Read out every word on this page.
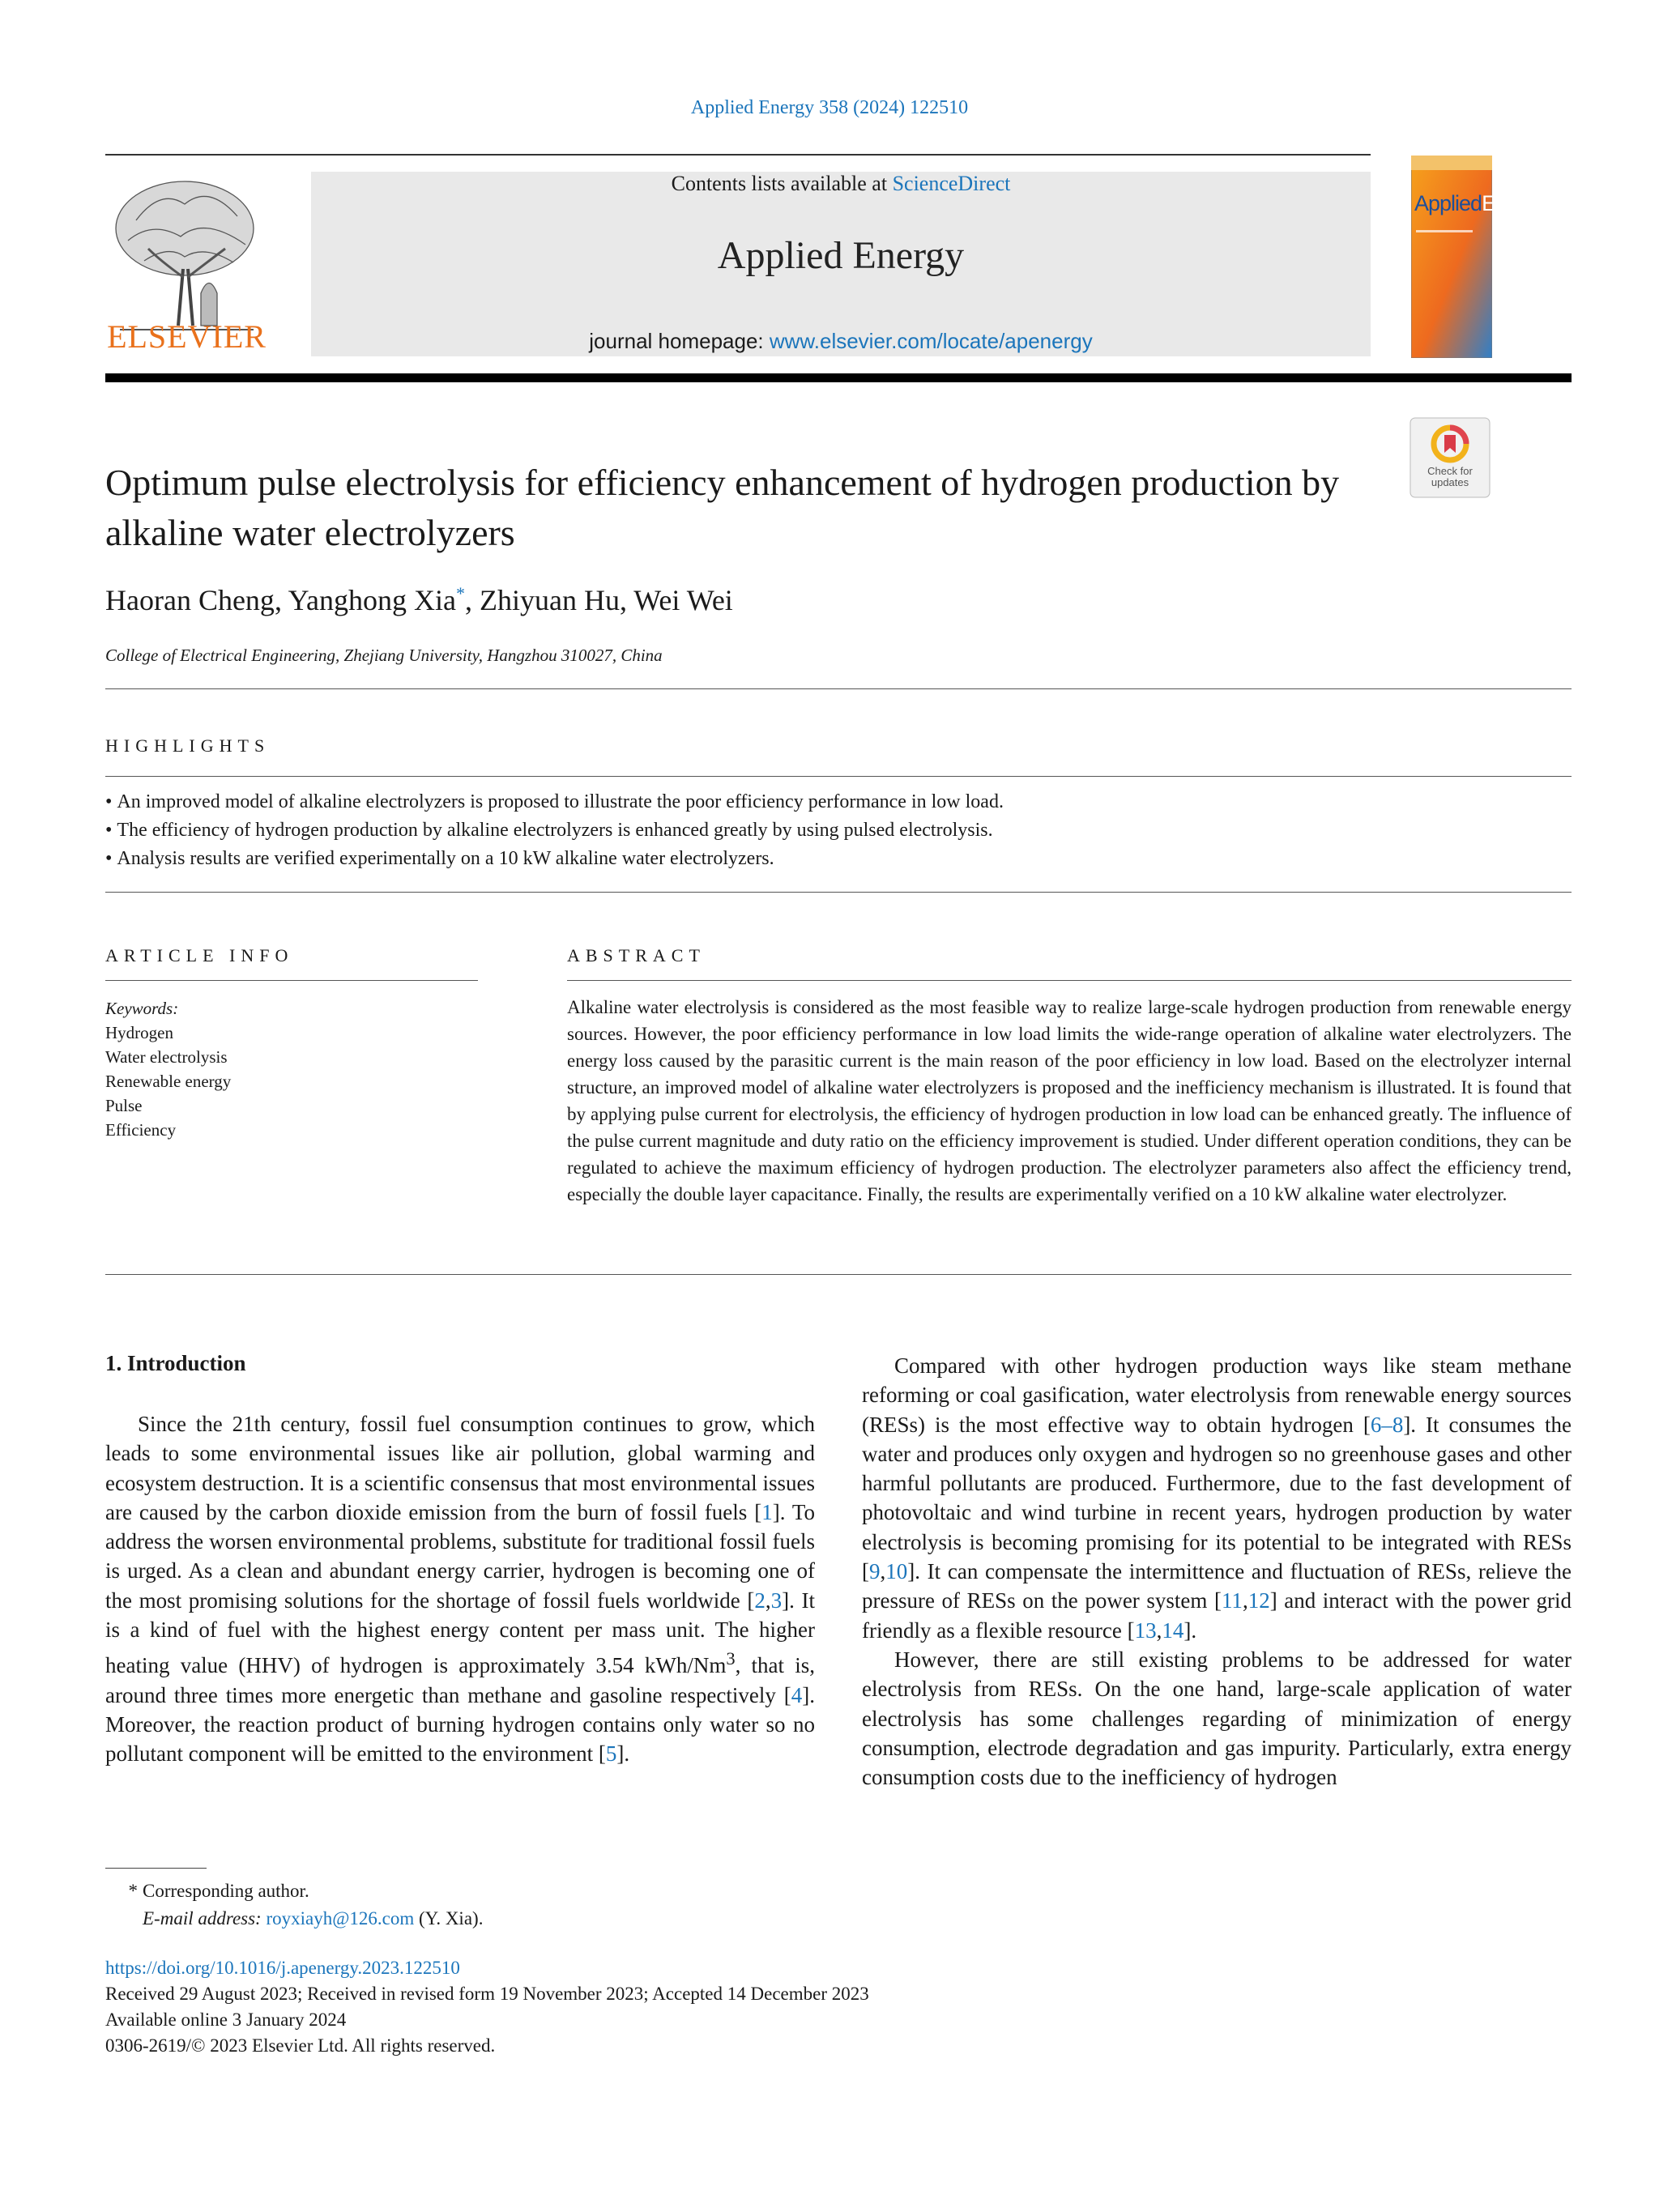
Applied Energy 358 (2024) 122510
ELSEVIER
Contents lists available at ScienceDirect
Applied Energy
journal homepage: www.elsevier.com/locate/apenergy
AppliedEnergy
Check for
updates
Optimum pulse electrolysis for efficiency enhancement of hydrogen production by alkaline water electrolyzers
Haoran Cheng, Yanghong Xia*, Zhiyuan Hu, Wei Wei
College of Electrical Engineering, Zhejiang University, Hangzhou 310027, China
HIGHLIGHTS
• An improved model of alkaline electrolyzers is proposed to illustrate the poor efficiency performance in low load.
• The efficiency of hydrogen production by alkaline electrolyzers is enhanced greatly by using pulsed electrolysis.
• Analysis results are verified experimentally on a 10 kW alkaline water electrolyzers.
ARTICLE INFO	ABSTRACT
Keywords:
Hydrogen
Water electrolysis
Renewable energy
Pulse
Efficiency
Alkaline water electrolysis is considered as the most feasible way to realize large-scale hydrogen production from renewable energy sources. However, the poor efficiency performance in low load limits the wide-range operation of alkaline water electrolyzers. The energy loss caused by the parasitic current is the main reason of the poor efficiency in low load. Based on the electrolyzer internal structure, an improved model of alkaline water electrolyzers is proposed and the inefficiency mechanism is illustrated. It is found that by applying pulse current for electrolysis, the efficiency of hydrogen production in low load can be enhanced greatly. The influence of the pulse current magnitude and duty ratio on the efficiency improvement is studied. Under different operation conditions, they can be regulated to achieve the maximum efficiency of hydrogen production. The electrolyzer parameters also affect the efficiency trend, especially the double layer capacitance. Finally, the results are experimentally verified on a 10 kW alkaline water electrolyzer.
1. Introduction

Since the 21th century, fossil fuel consumption continues to grow, which leads to some environmental issues like air pollution, global warming and ecosystem destruction. It is a scientific consensus that most environmental issues are caused by the carbon dioxide emission from the burn of fossil fuels [1]. To address the worsen environmental problems, substitute for traditional fossil fuels is urged. As a clean and abundant energy carrier, hydrogen is becoming one of the most promising solutions for the shortage of fossil fuels worldwide [2,3]. It is a kind of fuel with the highest energy content per mass unit. The higher heating value (HHV) of hydrogen is approximately 3.54 kWh/Nm$^3$, that is, around three times more energetic than methane and gasoline respectively [4]. Moreover, the reaction product of burning hydrogen contains only water so no pollutant component will be emitted to the environment [5].

Compared with other hydrogen production ways like steam methane reforming or coal gasification, water electrolysis from renewable energy sources (RESs) is the most effective way to obtain hydrogen [6–8]. It consumes the water and produces only oxygen and hydrogen so no greenhouse gases and other harmful pollutants are produced. Furthermore, due to the fast development of photovoltaic and wind turbine in recent years, hydrogen production by water electrolysis is becoming promising for its potential to be integrated with RESs [9,10]. It can compensate the intermittence and fluctuation of RESs, relieve the pressure of RESs on the power system [11,12] and interact with the power grid friendly as a flexible resource [13,14].

However, there are still existing problems to be addressed for water electrolysis from RESs. On the one hand, large-scale application of water electrolysis has some challenges regarding of minimization of energy consumption, electrode degradation and gas impurity. Particularly, extra energy consumption costs due to the inefficiency of hydrogen

* Corresponding author.
E-mail address: royxiayh@126.com (Y. Xia).
https://doi.org/10.1016/j.apenergy.2023.122510
Received 29 August 2023; Received in revised form 19 November 2023; Accepted 14 December 2023
Available online 3 January 2024
0306-2619/© 2023 Elsevier Ltd. All rights reserved.
